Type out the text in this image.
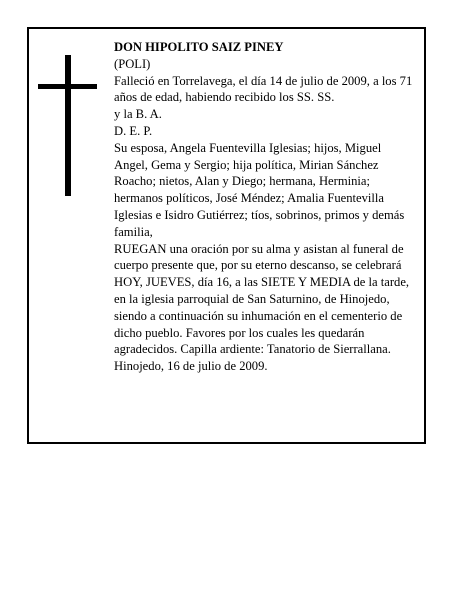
DON HIPOLITO SAIZ PINEY

(POLI)

Falleció en Torrelavega, el día 14 de julio de 2009, a los 71 años de edad, habiendo recibido los SS. SS.

y la B. A.

D. E. P.

Su esposa, Angela Fuentevilla Iglesias; hijos, Miguel Angel, Gema y Sergio; hija política, Mirian Sánchez Roacho; nietos, Alan y Diego; hermana, Herminia; hermanos políticos, José Méndez; Amalia Fuentevilla Iglesias e Isidro Gutiérrez; tíos, sobrinos, primos y demás familia,

RUEGAN una oración por su alma y asistan al funeral de cuerpo presente que, por su eterno descanso, se celebrará HOY, JUEVES, día 16, a las SIETE Y MEDIA de la tarde, en la iglesia parroquial de San Saturnino, de Hinojedo, siendo a continuación su inhumación en el cementerio de dicho pueblo. Favores por los cuales les quedarán agradecidos. Capilla ardiente: Tanatorio de Sierrallana.

Hinojedo, 16 de julio de 2009.
